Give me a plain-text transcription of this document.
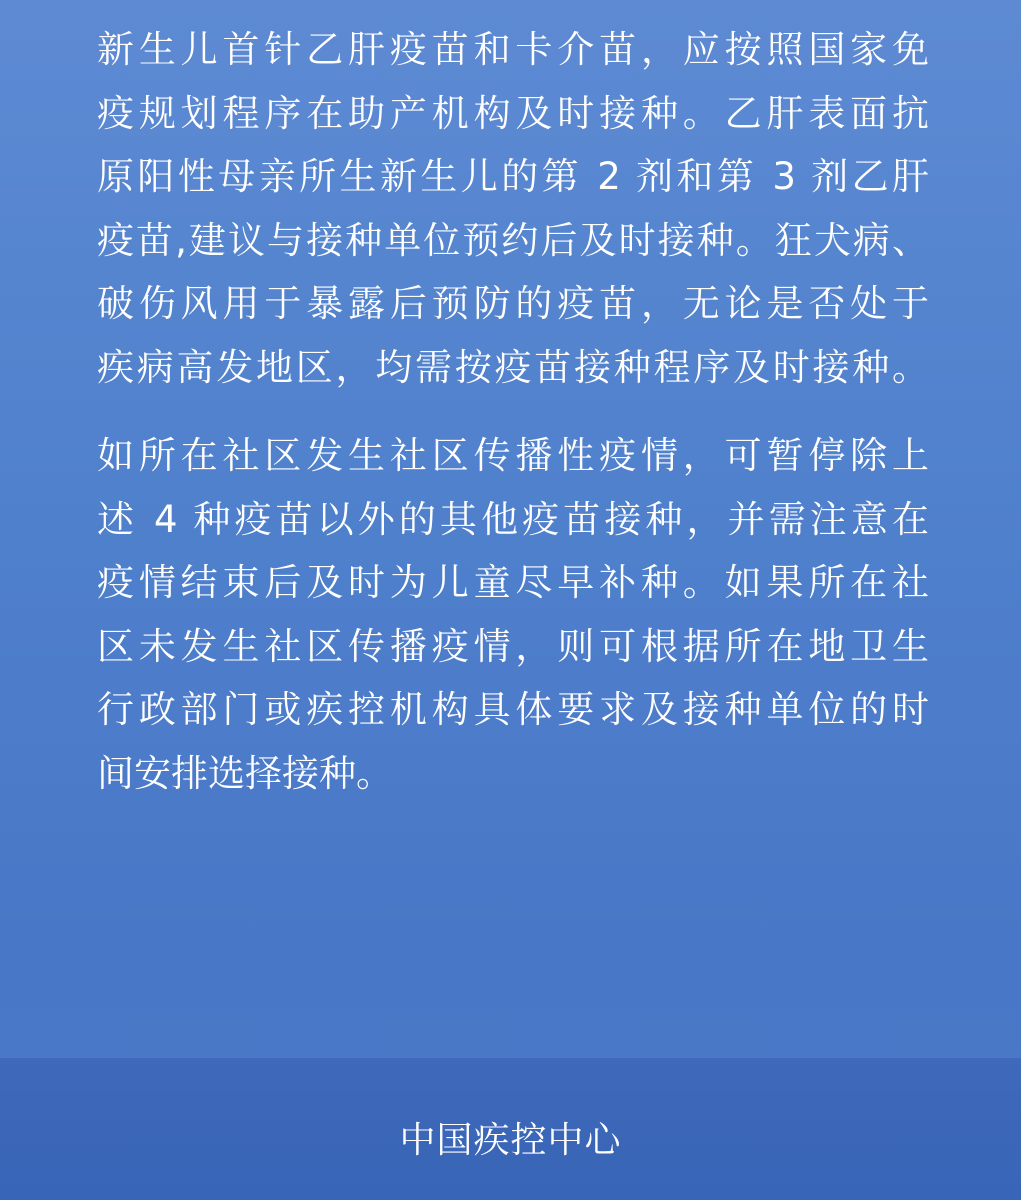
新生儿首针乙肝疫苗和卡介苗，应按照国家免
疫规划程序在助产机构及时接种。乙肝表面抗
原阳性母亲所生新生儿的第 2 剂和第 3 剂乙肝
疫苗,建议与接种单位预约后及时接种。狂犬病、
破伤风用于暴露后预防的疫苗，无论是否处于
疾病高发地区，均需按疫苗接种程序及时接种。
如所在社区发生社区传播性疫情，可暂停除上
述 4 种疫苗以外的其他疫苗接种，并需注意在
疫情结束后及时为儿童尽早补种。如果所在社
区未发生社区传播疫情，则可根据所在地卫生
行政部门或疾控机构具体要求及接种单位的时
间安排选择接种。
中国疾控中心
